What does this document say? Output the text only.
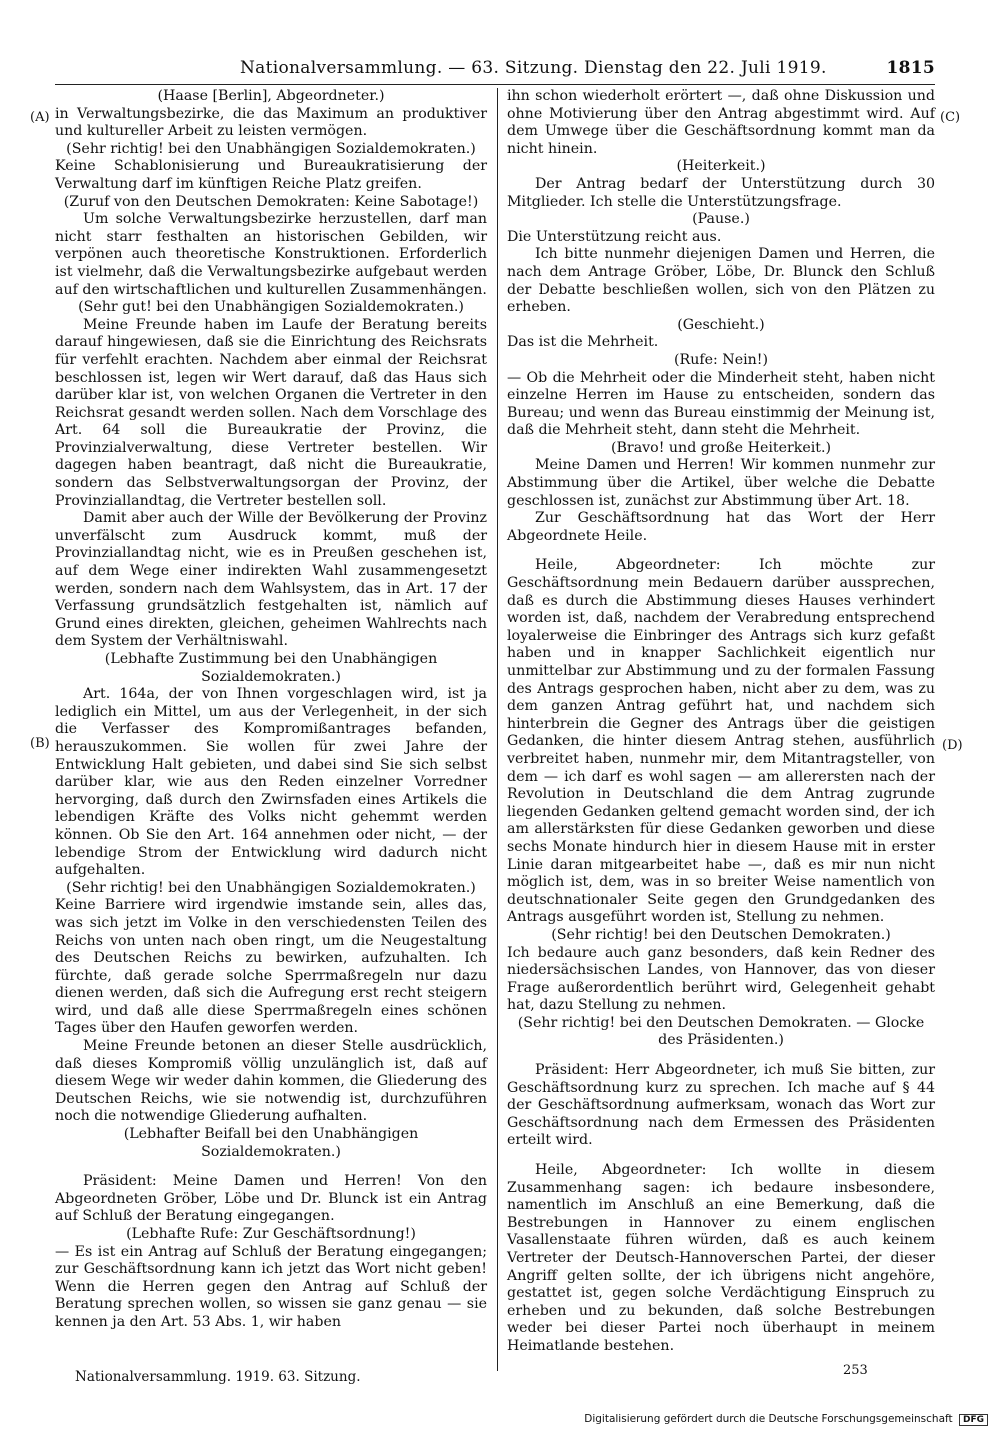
Nationalversammlung. — 63. Sitzung. Dienstag den 22. Juli 1919.	1815
(A)
(B)
(C)
(D)

(Haase [Berlin], Abgeordneter.)

in Verwaltungsbezirke, die das Maximum an produktiver und kultureller Arbeit zu leisten vermögen.

(Sehr richtig! bei den Unabhängigen Sozialdemokraten.)

Keine Schablonisierung und Bureaukratisierung der Verwaltung darf im künftigen Reiche Platz greifen.

(Zuruf von den Deutschen Demokraten: Keine Sabotage!)

Um solche Verwaltungsbezirke herzustellen, darf man nicht starr festhalten an historischen Gebilden, wir verpönen auch theoretische Konstruktionen. Erforderlich ist vielmehr, daß die Verwaltungsbezirke aufgebaut werden auf den wirtschaftlichen und kulturellen Zusammenhängen.

(Sehr gut! bei den Unabhängigen Sozialdemokraten.)

Meine Freunde haben im Laufe der Beratung bereits darauf hingewiesen, daß sie die Einrichtung des Reichsrats für verfehlt erachten. Nachdem aber einmal der Reichsrat beschlossen ist, legen wir Wert darauf, daß das Haus sich darüber klar ist, von welchen Organen die Vertreter in den Reichsrat gesandt werden sollen. Nach dem Vorschlage des Art. 64 soll die Bureaukratie der Provinz, die Provinzialverwaltung, diese Vertreter bestellen. Wir dagegen haben beantragt, daß nicht die Bureaukratie, sondern das Selbstverwaltungsorgan der Provinz, der Provinziallandtag, die Vertreter bestellen soll.

Damit aber auch der Wille der Bevölkerung der Provinz unverfälscht zum Ausdruck kommt, muß der Provinziallandtag nicht, wie es in Preußen geschehen ist, auf dem Wege einer indirekten Wahl zusammengesetzt werden, sondern nach dem Wahlsystem, das in Art. 17 der Verfassung grundsätzlich festgehalten ist, nämlich auf Grund eines direkten, gleichen, geheimen Wahlrechts nach dem System der Verhältniswahl.

(Lebhafte Zustimmung bei den Unabhängigen Sozialdemokraten.)

Art. 164a, der von Ihnen vorgeschlagen wird, ist ja lediglich ein Mittel, um aus der Verlegenheit, in der sich die Verfasser des Kompromißantrages befanden, herauszukommen. Sie wollen für zwei Jahre der Entwicklung Halt gebieten, und dabei sind Sie sich selbst darüber klar, wie aus den Reden einzelner Vorredner hervorging, daß durch den Zwirnsfaden eines Artikels die lebendigen Kräfte des Volks nicht gehemmt werden können. Ob Sie den Art. 164 annehmen oder nicht, — der lebendige Strom der Entwicklung wird dadurch nicht aufgehalten.

(Sehr richtig! bei den Unabhängigen Sozialdemokraten.)

Keine Barriere wird irgendwie imstande sein, alles das, was sich jetzt im Volke in den verschiedensten Teilen des Reichs von unten nach oben ringt, um die Neugestaltung des Deutschen Reichs zu bewirken, aufzuhalten. Ich fürchte, daß gerade solche Sperrmaßregeln nur dazu dienen werden, daß sich die Aufregung erst recht steigern wird, und daß alle diese Sperrmaßregeln eines schönen Tages über den Haufen geworfen werden.

Meine Freunde betonen an dieser Stelle ausdrücklich, daß dieses Kompromiß völlig unzulänglich ist, daß auf diesem Wege wir weder dahin kommen, die Gliederung des Deutschen Reichs, wie sie notwendig ist, durchzuführen noch die notwendige Gliederung aufhalten.

(Lebhafter Beifall bei den Unabhängigen Sozialdemokraten.)

Präsident: Meine Damen und Herren! Von den Abgeordneten Gröber, Löbe und Dr. Blunck ist ein Antrag auf Schluß der Beratung eingegangen.

(Lebhafte Rufe: Zur Geschäftsordnung!)

— Es ist ein Antrag auf Schluß der Beratung eingegangen; zur Geschäftsordnung kann ich jetzt das Wort nicht geben! Wenn die Herren gegen den Antrag auf Schluß der Beratung sprechen wollen, so wissen sie ganz genau — sie kennen ja den Art. 53 Abs. 1, wir haben

ihn schon wiederholt erörtert —, daß ohne Diskussion und ohne Motivierung über den Antrag abgestimmt wird. Auf dem Umwege über die Geschäftsordnung kommt man da nicht hinein.

(Heiterkeit.)

Der Antrag bedarf der Unterstützung durch 30 Mitglieder. Ich stelle die Unterstützungsfrage.

(Pause.)

Die Unterstützung reicht aus.

Ich bitte nunmehr diejenigen Damen und Herren, die nach dem Antrage Gröber, Löbe, Dr. Blunck den Schluß der Debatte beschließen wollen, sich von den Plätzen zu erheben.

(Geschieht.)

Das ist die Mehrheit.

(Rufe: Nein!)

— Ob die Mehrheit oder die Minderheit steht, haben nicht einzelne Herren im Hause zu entscheiden, sondern das Bureau; und wenn das Bureau einstimmig der Meinung ist, daß die Mehrheit steht, dann steht die Mehrheit.

(Bravo! und große Heiterkeit.)

Meine Damen und Herren! Wir kommen nunmehr zur Abstimmung über die Artikel, über welche die Debatte geschlossen ist, zunächst zur Abstimmung über Art. 18.

Zur Geschäftsordnung hat das Wort der Herr Abgeordnete Heile.

Heile, Abgeordneter: Ich möchte zur Geschäftsordnung mein Bedauern darüber aussprechen, daß es durch die Abstimmung dieses Hauses verhindert worden ist, daß, nachdem der Verabredung entsprechend loyalerweise die Einbringer des Antrags sich kurz gefaßt haben und in knapper Sachlichkeit eigentlich nur unmittelbar zur Abstimmung und zu der formalen Fassung des Antrags gesprochen haben, nicht aber zu dem, was zu dem ganzen Antrag geführt hat, und nachdem sich hinterbrein die Gegner des Antrags über die geistigen Gedanken, die hinter diesem Antrag stehen, ausführlich verbreitet haben, nunmehr mir, dem Mitantragsteller, von dem — ich darf es wohl sagen — am allerersten nach der Revolution in Deutschland die dem Antrag zugrunde liegenden Gedanken geltend gemacht worden sind, der ich am allerstärksten für diese Gedanken geworben und diese sechs Monate hindurch hier in diesem Hause mit in erster Linie daran mitgearbeitet habe —, daß es mir nun nicht möglich ist, dem, was in so breiter Weise namentlich von deutschnationaler Seite gegen den Grundgedanken des Antrags ausgeführt worden ist, Stellung zu nehmen.

(Sehr richtig! bei den Deutschen Demokraten.)

Ich bedaure auch ganz besonders, daß kein Redner des niedersächsischen Landes, von Hannover, das von dieser Frage außerordentlich berührt wird, Gelegenheit gehabt hat, dazu Stellung zu nehmen.

(Sehr richtig! bei den Deutschen Demokraten. — Glocke des Präsidenten.)

Präsident: Herr Abgeordneter, ich muß Sie bitten, zur Geschäftsordnung kurz zu sprechen. Ich mache auf § 44 der Geschäftsordnung aufmerksam, wonach das Wort zur Geschäftsordnung nach dem Ermessen des Präsidenten erteilt wird.

Heile, Abgeordneter: Ich wollte in diesem Zusammenhang sagen: ich bedaure insbesondere, namentlich im Anschluß an eine Bemerkung, daß die Bestrebungen in Hannover zu einem englischen Vasallenstaate führen würden, daß es auch keinem Vertreter der Deutsch-Hannoverschen Partei, der dieser Angriff gelten sollte, der ich übrigens nicht angehöre, gestattet ist, gegen solche Verdächtigung Einspruch zu erheben und zu bekunden, daß solche Bestrebungen weder bei dieser Partei noch überhaupt in meinem Heimatlande bestehen.

Nationalversammlung. 1919. 63. Sitzung.	253
Digitalisierung gefördert durch die Deutsche Forschungsgemeinschaft DFG
